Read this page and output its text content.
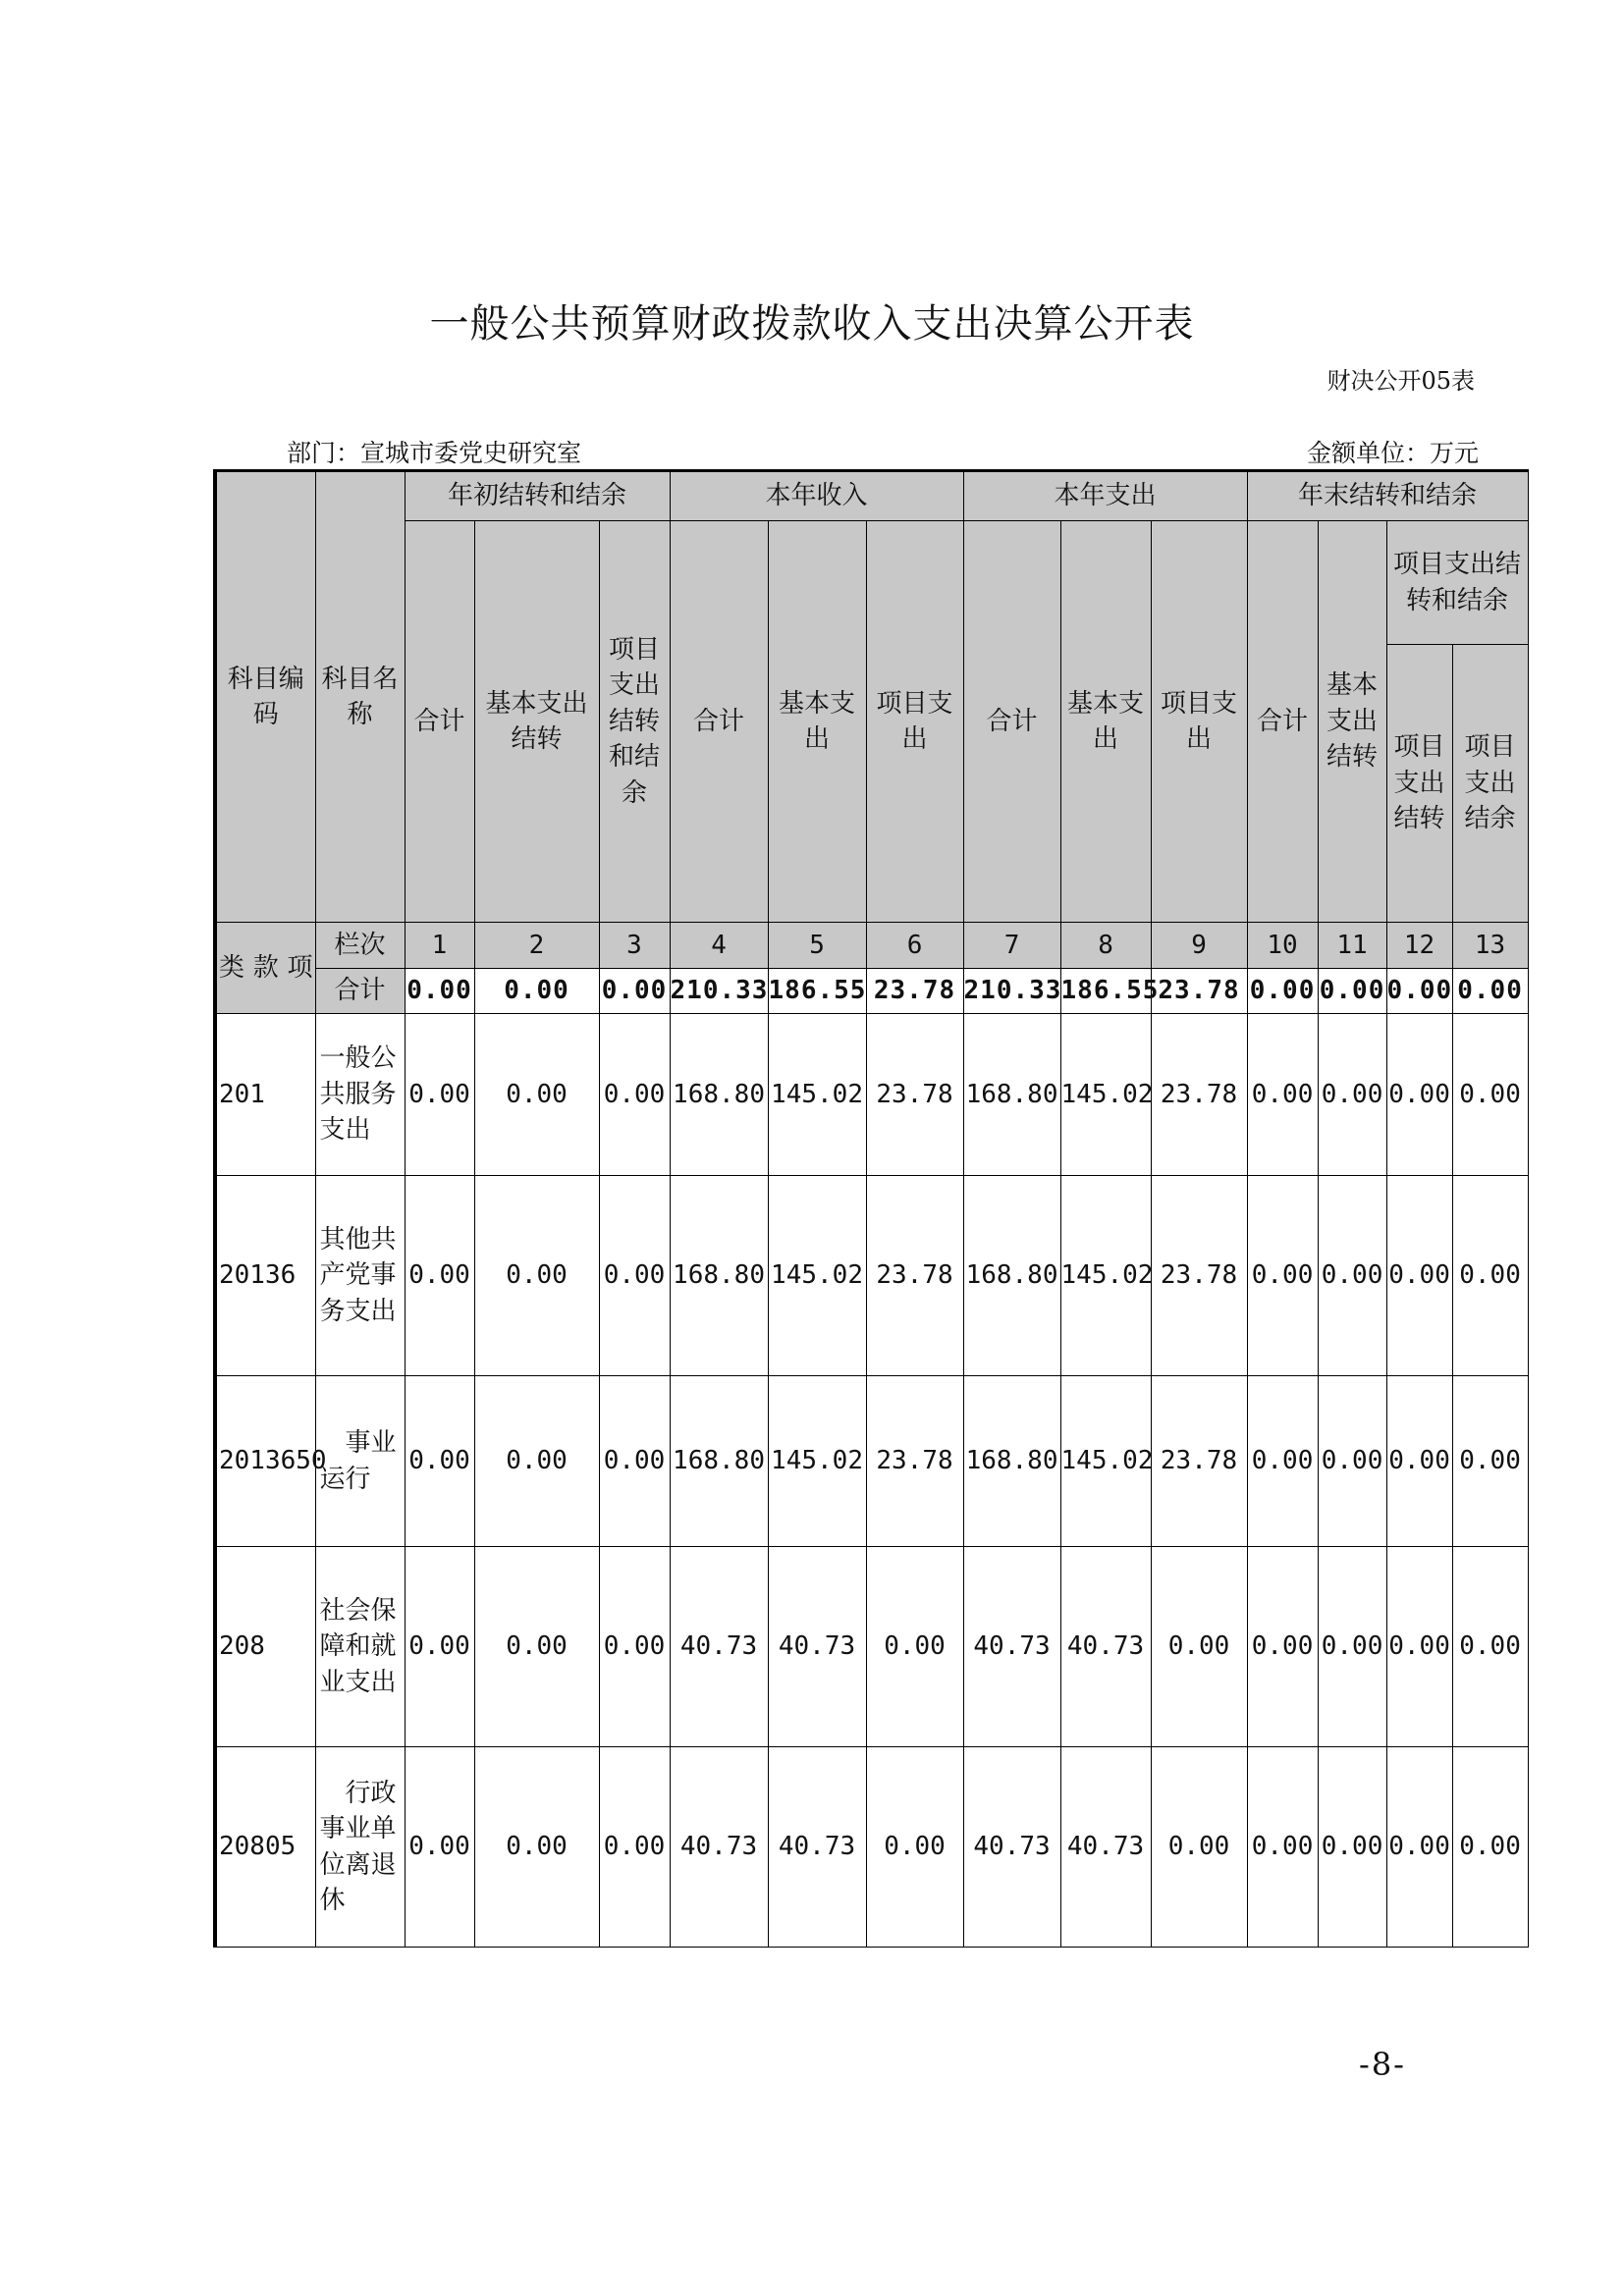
一般公共预算财政拨款收入支出决算公开表
财决公开05表
部门：宣城市委党史研究室	金额单位：万元
科目编码	科目名称	年初结转和结余			本年收入			本年支出			年末结转和结余			
		合计	基本支出结转	项目支出结转和结余	合计	基本支出	项目支出	合计	基本支出	项目支出	合计	基本支出结转	项目支出结转和结余	
													项目支出结转	项目支出结余

类 款 项	栏次	1	2	3	4	5	6	7	8	9	10	11	12	13
	合计	0.00	0.00	0.00	210.33	186.55	23.78	210.33	186.55	23.78	0.00	0.00	0.00	0.00
201	一般公共服务支出	0.00	0.00	0.00	168.80	145.02	23.78	168.80	145.02	23.78	0.00	0.00	0.00	0.00
20136	其他共产党事务支出	0.00	0.00	0.00	168.80	145.02	23.78	168.80	145.02	23.78	0.00	0.00	0.00	0.00
2013650	　事业运行	0.00	0.00	0.00	168.80	145.02	23.78	168.80	145.02	23.78	0.00	0.00	0.00	0.00
208	社会保障和就业支出	0.00	0.00	0.00	40.73	40.73	0.00	40.73	40.73	0.00	0.00	0.00	0.00	0.00
20805	　行政事业单位离退休	0.00	0.00	0.00	40.73	40.73	0.00	40.73	40.73	0.00	0.00	0.00	0.00	0.00
-8-
